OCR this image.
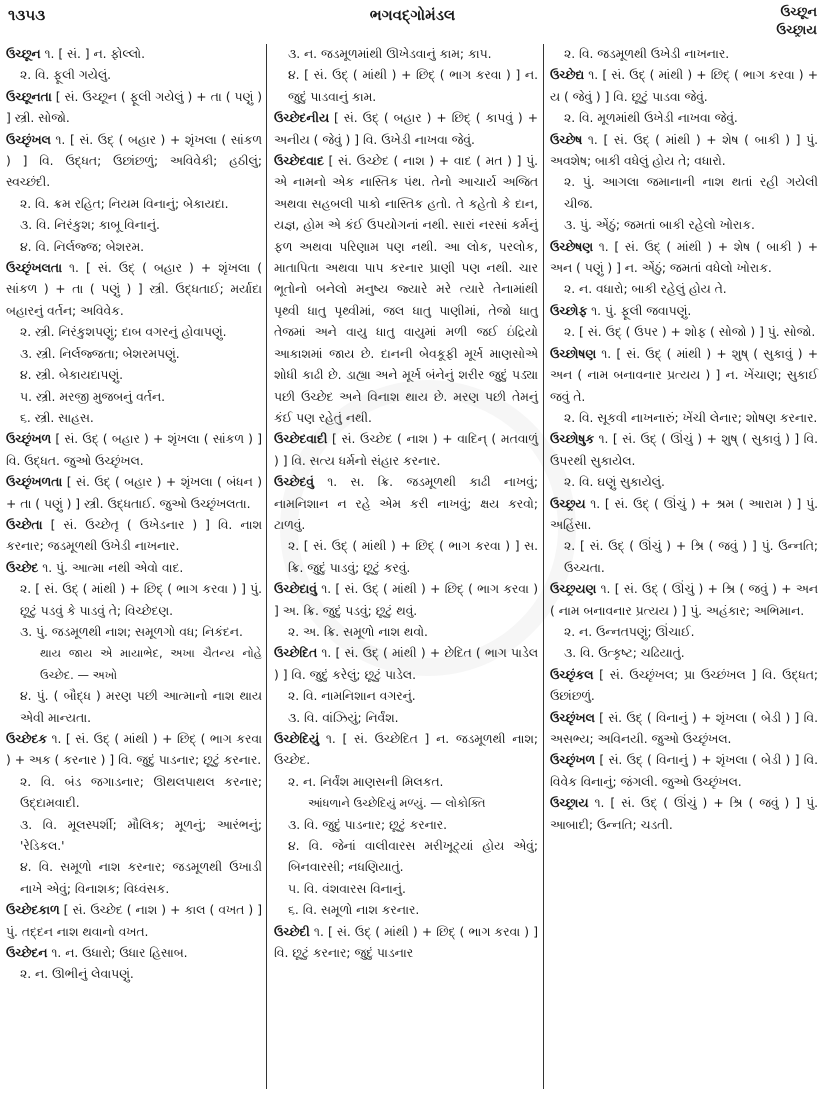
૧૩૫૩	ભગવદ્ગોમંડલ	ઉચ્છૂન
ઉચ્છ્રાય

ઉચ્છૂન ૧. [ સં. ] ન. ફોલ્લો.

૨. વિ. ફૂલી ગયેલું.

ઉચ્છૂનતા [ સં. ઉચ્છૂન ( ફૂલી ગયેલું ) + તા ( પણું ) ] સ્ત્રી. સોજો.

ઉચ્છૃંખલ ૧. [ સં. ઉદ્ ( બહાર ) + શૃંખલા ( સાંકળ ) ] વિ. ઉદ્ધત; ઉછાંછળું; અવિવેકી; હઠીલું; સ્વચ્છંદી.

૨. વિ. ક્રમ રહિત; નિયમ વિનાનું; બેકાયદા.

૩. વિ. નિરંકુશ; કાબૂ વિનાનું.

૪. વિ. નિર્લજ્જ; બેશરમ.

ઉચ્છૃંખલતા ૧. [ સં. ઉદ્ ( બહાર ) + શૃંખલા ( સાંકળ ) + તા ( પણું ) ] સ્ત્રી. ઉદ્ધતાઈ; મર્યાદા બહારનું વર્તન; અવિવેક.

૨. સ્ત્રી. નિરંકુશપણું; દાબ વગરનું હોવાપણું.

૩. સ્ત્રી. નિર્લજ્જતા; બેશરમપણું.

૪. સ્ત્રી. બેકાયદાપણું.

૫. સ્ત્રી. મરજી મુજબનું વર્તન.

૬. સ્ત્રી. સાહસ.

ઉચ્છૃંખળ [ સં. ઉદ્ ( બહાર ) + શૃંખલા ( સાંકળ ) ] વિ. ઉદ્ધત. જુઓ ઉચ્છૃંખલ.

ઉચ્છૃંખળતા [ સં. ઉદ્ ( બહાર ) + શૃંખલા ( બંધન ) + તા ( પણું ) ] સ્ત્રી. ઉદ્ધતાઈ. જુઓ ઉચ્છૃંખલતા.

ઉચ્છેતા [ સં. ઉચ્છેતૃ ( ઉખેડનાર ) ] વિ. નાશ કરનાર; જડમૂળથી ઉખેડી નાખનાર.

ઉચ્છેદ ૧. પું. આત્મા નથી એવો વાદ.

૨. [ સં. ઉદ્ ( માંથી ) + છિદ્ ( ભાગ કરવા ) ] પું. છૂટું પડવું કે પાડવું તે; વિચ્છેદણ.

૩. પું. જડમૂળથી નાશ; સમૂળગો વધ; નિકંદન.
થાય જાય એ માયાભેદ, અખા ચૈતન્ય નોહે ઉચ્છેદ. — અખો

૪. પું. ( બૌદ્ધ ) મરણ પછી આત્માનો નાશ થાય એવી માન્યતા.

ઉચ્છેદક ૧. [ સં. ઉદ્ ( માંથી ) + છિદ્ ( ભાગ કરવા ) + અક ( કરનાર ) ] વિ. જુદું પાડનાર; છૂટું કરનાર.

૨. વિ. બંડ જગાડનાર; ઊથલપાથલ કરનાર; ઉદ્દામવાદી.

૩. વિ. મૂલસ્પર્શી; મૌલિક; મૂળનું; આરંભનું; 'રેડિકલ.'

૪. વિ. સમૂળો નાશ કરનાર; જડમૂળથી ઉખાડી નાખે એવું; વિનાશક; વિધ્વંસક.

ઉચ્છેદકાળ [ સં. ઉચ્છેદ ( નાશ ) + કાલ ( વખત ) ] પું. તદ્દન નાશ થવાનો વખત.

ઉચ્છેદન ૧. ન. ઉધારો; ઉધાર હિસાબ.

૨. ન. ઊભીનું લેવાપણું.

૩. ન. જડમૂળમાંથી ઊખેડવાનું કામ; કાપ.

૪. [ સં. ઉદ્ ( માંથી ) + છિદ્ ( ભાગ કરવા ) ] ન. જુદું પાડવાનું કામ.

ઉચ્છેદનીય [ સં. ઉદ્ ( બહાર ) + છિદ્ ( કાપવું ) + અનીય ( જેવું ) ] વિ. ઉખેડી નાખવા જેવું.

ઉચ્છેદવાદ [ સં. ઉચ્છેદ ( નાશ ) + વાદ ( મત ) ] પું. એ નામનો એક નાસ્તિક પંથ. તેનો આચાર્ય અજિત અથવા સહબલી પાકો નાસ્તિક હતો. તે કહેતો કે દાન, યજ્ઞ, હોમ એ કંઈ ઉપયોગનાં નથી. સારાં નરસાં કર્મનું ફળ અથવા પરિણામ પણ નથી. આ લોક, પરલોક, માતાપિતા અથવા પાપ કરનાર પ્રાણી પણ નથી. ચાર ભૂતોનો બનેલો મનુષ્ય જ્યારે મરે ત્યારે તેનામાંથી પૃથ્વી ધાતુ પૃથ્વીમાં, જલ ધાતુ પાણીમાં, તેજો ધાતુ તેજમાં અને વાયુ ધાતુ વાયુમાં મળી જઈ ઇંદ્રિયો આકાશમાં જાય છે. દાનની બેવકૂફી મૂર્ખ માણસોએ શોધી કાઢી છે. ડાહ્યા અને મૂર્ખ બંનેનું શરીર જુદું પડ્યા પછી ઉચ્છેદ અને વિનાશ થાય છે. મરણ પછી તેમનું કંઈ પણ રહેતું નથી.

ઉચ્છેદવાદી [ સં. ઉચ્છેદ ( નાશ ) + વાદિન્ ( મતવાળું ) ] વિ. સત્ય ધર્મનો સંહાર કરનાર.

ઉચ્છેદવું ૧. સ. ક્રિ. જડમૂળથી કાઢી નાખવું; નામનિશાન ન રહે એમ કરી નાખવું; ક્ષય કરવો; ટાળવું.

૨. [ સં. ઉદ્ ( માંથી ) + છિદ્ ( ભાગ કરવા ) ] સ. ક્રિ. જુદું પાડવું; છૂટું કરવું.

ઉચ્છેદાવું ૧. [ સં. ઉદ્ ( માંથી ) + છિદ્ ( ભાગ કરવા ) ] અ. ક્રિ. જુદું પડવું; છૂટું થવું.

૨. અ. ક્રિ. સમૂળો નાશ થવો.

ઉચ્છેદિત ૧. [ સં. ઉદ્ ( માંથી ) + છેદિત ( ભાગ પાડેલ ) ] વિ. જુદું કરેલું; છૂટું પાડેલ.

૨. વિ. નામનિશાન વગરનું.

૩. વિ. વાંઝિયું; નિર્વંશ.

ઉચ્છેદિયું ૧. [ સં. ઉચ્છેદિત ] ન. જડમૂળથી નાશ; ઉચ્છેદ.

૨. ન. નિર્વંશ માણસની મિલકત.
આંધળાને ઉચ્છેદિયું મળ્યું. — લોકોક્તિ

૩. વિ. જુદું પાડનાર; છૂટું કરનાર.

૪. વિ. જેનાં વાલીવારસ મરીખૂટ્યાં હોય એવું; બિનવારસી; નધણિયાતું.

૫. વિ. વંશવારસ વિનાનું.

૬. વિ. સમૂળો નાશ કરનાર.

ઉચ્છેદી ૧. [ સં. ઉદ્ ( માંથી ) + છિદ્ ( ભાગ કરવા ) ] વિ. છૂટું કરનાર; જુદું પાડનાર

૨. વિ. જડમૂળથી ઉખેડી નાખનાર.

ઉચ્છેદ્ય ૧. [ સં. ઉદ્ ( માંથી ) + છિદ્ ( ભાગ કરવા ) + ય ( જેવું ) ] વિ. છૂટું પાડવા જેવું.

૨. વિ. મૂળમાંથી ઉખેડી નાખવા જેવું.

ઉચ્છેષ ૧. [ સં. ઉદ્ ( માંથી ) + શેષ ( બાકી ) ] પું. અવશેષ; બાકી વધેલું હોય તે; વધારો.

૨. પું. આગલા જમાનાની નાશ થતાં રહી ગયેલી ચીજ.

૩. પું. એંઠું; જમતાં બાકી રહેલો ખોરાક.

ઉચ્છેષણ ૧. [ સં. ઉદ્ ( માંથી ) + શેષ ( બાકી ) + અન ( પણું ) ] ન. એંઠું; જમતાં વધેલો ખોરાક.

૨. ન. વધારો; બાકી રહેલું હોય તે.

ઉચ્છોફ ૧. પું. ફૂલી જવાપણું.

૨. [ સં. ઉદ્ ( ઉપર ) + શોફ ( સોજો ) ] પું. સોજો.

ઉચ્છોષણ ૧. [ સં. ઉદ્ ( માંથી ) + શુષ્ ( સુકાવું ) + અન ( નામ બનાવનાર પ્રત્યય ) ] ન. ખેંચાણ; સુકાઈ જવું તે.

૨. વિ. સૂકવી નાખનારું; ખેંચી લેનાર; શોષણ કરનાર.

ઉચ્છોષુક ૧. [ સં. ઉદ્ ( ઊંચું ) + શુષ્ ( સુકાવું ) ] વિ. ઉપરથી સુકાયેલ.

૨. વિ. ઘણું સુકાયેલું.

ઉચ્છ્રય ૧. [ સં. ઉદ્ ( ઊંચું ) + શ્રમ ( આરામ ) ] પું. અહિંસા.

૨. [ સં. ઉદ્ ( ઊંચું ) + શ્રિ ( જવું ) ] પું. ઉન્નતિ; ઉચ્ચતા.

ઉચ્છ્રયણ ૧. [ સં. ઉદ્ ( ઊંચું ) + શ્રિ ( જવું ) + અન ( નામ બનાવનાર પ્રત્યય ) ] પું. અહંકાર; અભિમાન.

૨. ન. ઉન્નતપણું; ઊંચાઈ.

૩. વિ. ઉત્કૃષ્ટ; ચઢિયાતું.

ઉચ્છૃંકલ [ સં. ઉચ્છૃંખલ; પ્રા ઉચ્છંખલ ] વિ. ઉદ્ધત; ઉછાંછળું.

ઉચ્છૃંખલ [ સં. ઉદ્ ( વિનાનું ) + શૃંખલા ( બેડી ) ] વિ. અસભ્ય; અવિનયી. જુઓ ઉચ્છૃંખલ.

ઉચ્છૃંખળ [ સં. ઉદ્ ( વિનાનું ) + શૃંખલા ( બેડી ) ] વિ. વિવેક વિનાનું; જંગલી. જુઓ ઉચ્છૃંખલ.

ઉચ્છ્રાય ૧. [ સં. ઉદ્ ( ઊંચું ) + શ્રિ ( જવું ) ] પું. આબાદી; ઉન્નતિ; ચડતી.
